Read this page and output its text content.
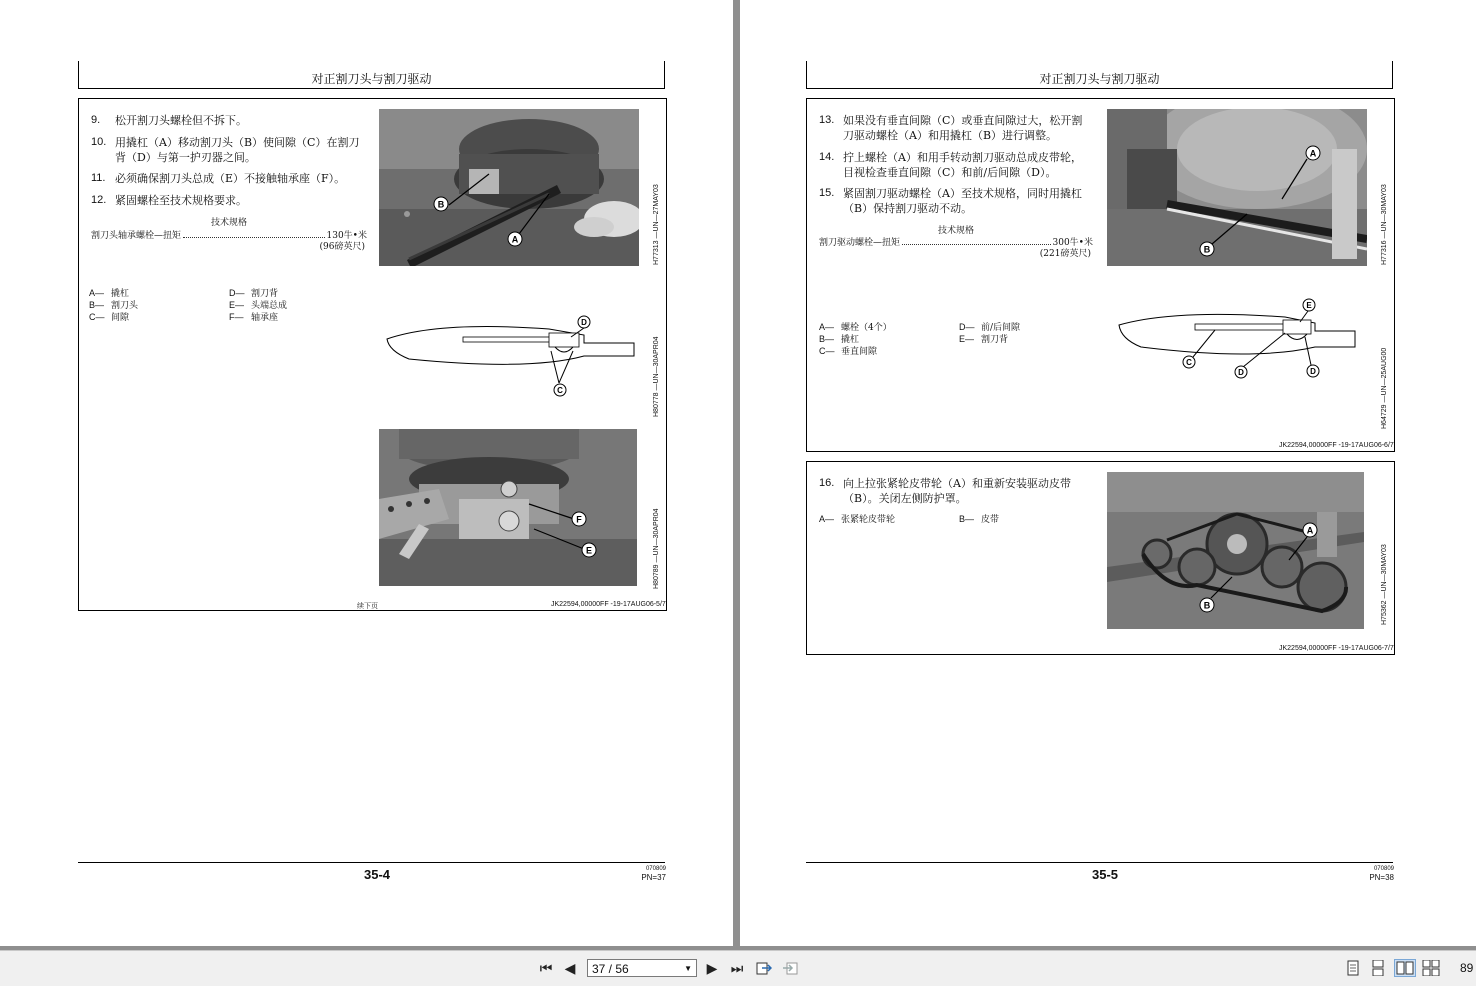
对正割刀头与割刀驱动
9.	松开割刀头螺栓但不拆下。
10. 用撬杠（A）移动割刀头（B）使间隙（C）在割刀
背（D）与第一护刃器之间。
11. 必须确保割刀头总成（E）不接触轴承座（F）。
12. 紧固螺栓至技术规格要求。
技术规格
割刀头轴承螺栓—扭矩	130牛•米
(96磅英尺)
A— 撬杠
B— 割刀头
C— 间隙
D— 割刀背
E— 头端总成
F— 轴承座
B
A	H77313 —UN—27MAY03
D
C	H80778 —UN—30APR04
F
E	H80789 —UN—30APR04
续下页	JK22594,00000FF -19-17AUG06-5/7
35-4	070809
PN=37
对正割刀头与割刀驱动
13. 如果没有垂直间隙（C）或垂直间隙过大，松开割
刀驱动螺栓（A）和用撬杠（B）进行调整。
14. 拧上螺栓（A）和用手转动割刀驱动总成皮带轮，
目视检查垂直间隙（C）和前/后间隙（D）。
15. 紧固割刀驱动螺栓（A）至技术规格，同时用撬杠
（B）保持割刀驱动不动。
技术规格
割刀驱动螺栓—扭矩	300牛•米
(221磅英尺)
A— 螺栓（4个）
B— 撬杠
C— 垂直间隙
D— 前/后间隙
E— 割刀背
A
B	H77316 —UN—30MAY03
E
C
D	D	H64729 —UN—25AUG00
JK22594,00000FF -19-17AUG06-6/7
16. 向上拉张紧轮皮带轮（A）和重新安装驱动皮带
（B）。关闭左侧防护罩。
A— 张紧轮皮带轮	B— 皮带
A
B	H75362 —UN—30MAY03
JK22594,00000FF -19-17AUG06-7/7
35-5	070809
PN=38
⏮ ◀	37 / 56	▼ ▶ ⏭	89
